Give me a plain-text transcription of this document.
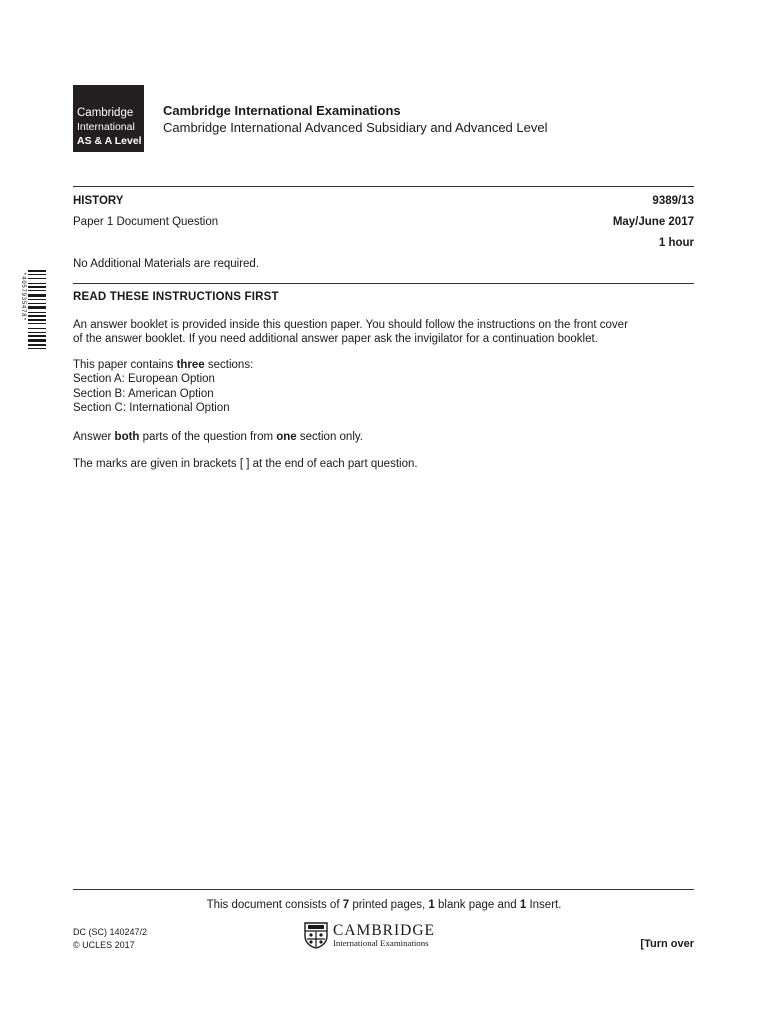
Cambridge
International
AS & A Level
Cambridge International Examinations
Cambridge International Advanced Subsidiary and Advanced Level
HISTORY	9389/13
Paper 1 Document Question	May/June 2017
1 hour
No Additional Materials are required.
*4057935478*	READ THESE INSTRUCTIONS FIRST
An answer booklet is provided inside this question paper. You should follow the instructions on the front cover
of the answer booklet. If you need additional answer paper ask the invigilator for a continuation booklet.
This paper contains three sections:
Section A: European Option
Section B: American Option
Section C: International Option
Answer both parts of the question from one section only.
The marks are given in brackets [ ] at the end of each part question.
This document consists of 7 printed pages, 1 blank page and 1 Insert.
DC (SC) 140247/2
© UCLES 2017
CAMBRIDGE
International Examinations	[Turn over
